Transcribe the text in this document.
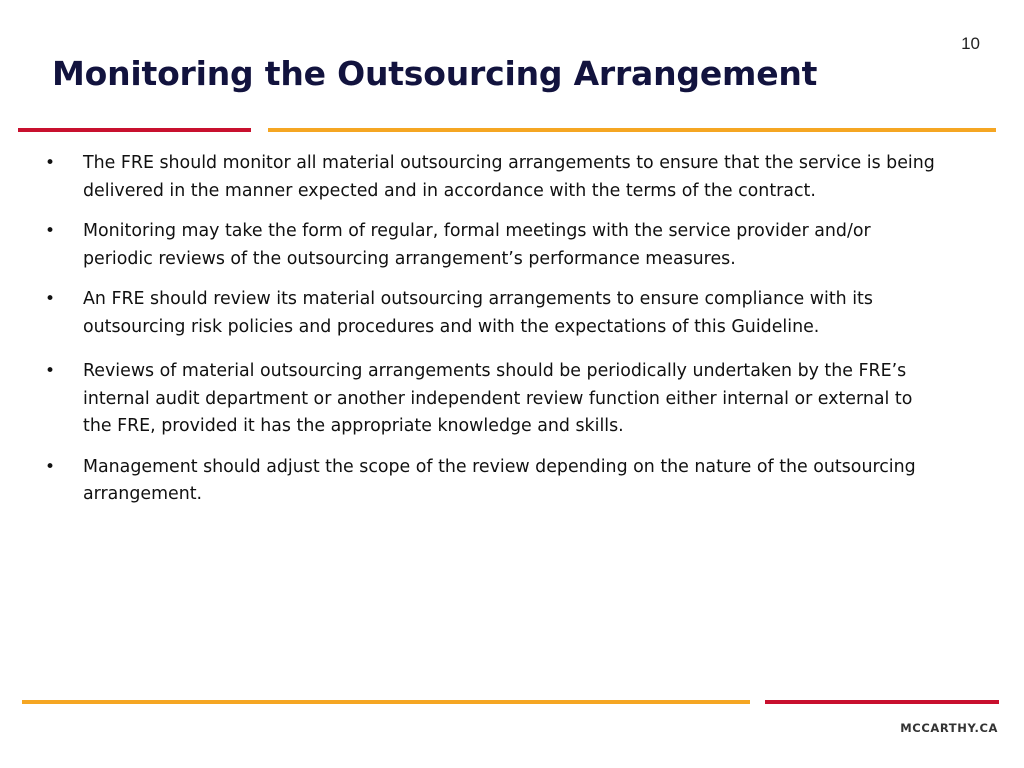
10
Monitoring the Outsourcing Arrangement
• The FRE should monitor all material outsourcing arrangements to ensure that the service is being delivered in the manner expected and in accordance with the terms of the contract.
• Monitoring may take the form of regular, formal meetings with the service provider and/or periodic reviews of the outsourcing arrangement’s performance measures.
• An FRE should review its material outsourcing arrangements to ensure compliance with its outsourcing risk policies and procedures and with the expectations of this Guideline.
• Reviews of material outsourcing arrangements should be periodically undertaken by the FRE’s internal audit department or another independent review function either internal or external to the FRE, provided it has the appropriate knowledge and skills.
• Management should adjust the scope of the review depending on the nature of the outsourcing arrangement.
MCCARTHY.CA
